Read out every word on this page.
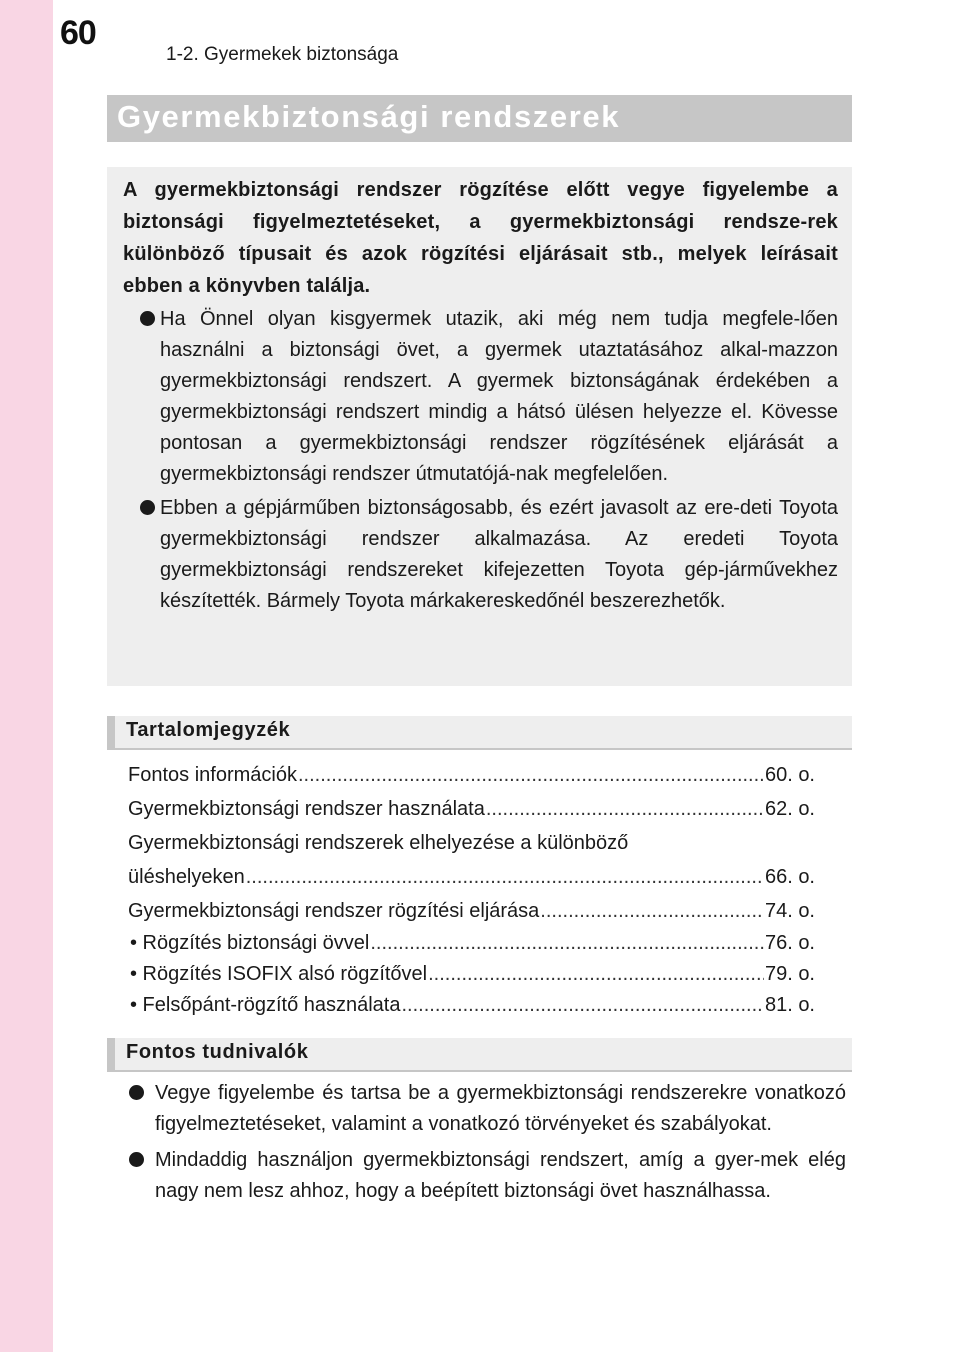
60
1-2. Gyermekek biztonsága
Gyermekbiztonsági rendszerek

A gyermekbiztonsági rendszer rögzítése előtt vegye figyelembe a biztonsági figyelmeztetéseket, a gyermekbiztonsági rendsze-rek különböző típusait és azok rögzítési eljárásait stb., melyek leírásait ebben a könyvben találja.

Ha Önnel olyan kisgyermek utazik, aki még nem tudja megfele-lően használni a biztonsági övet, a gyermek utaztatásához alkal-mazzon gyermekbiztonsági rendszert. A gyermek biztonságának érdekében a gyermekbiztonsági rendszert mindig a hátsó ülésen helyezze el. Kövesse pontosan a gyermekbiztonsági rendszer rögzítésének eljárását a gyermekbiztonsági rendszer útmutatójá-nak megfelelően.
Ebben a gépjárműben biztonságosabb, és ezért javasolt az ere-deti Toyota gyermekbiztonsági rendszer alkalmazása. Az eredeti Toyota gyermekbiztonsági rendszereket kifejezetten Toyota gép-járművekhez készítették. Bármely Toyota márkakereskedőnél beszerezhetők.
Tartalomjegyzék
Fontos információk .....	60. o.
Gyermekbiztonsági rendszer használata .....	62. o.
Gyermekbiztonsági rendszerek elhelyezése a különböző
üléshelyeken .....	66. o.
Gyermekbiztonsági rendszer rögzítési eljárása .....	74. o.
• Rögzítés biztonsági övvel .....	76. o.
• Rögzítés ISOFIX alsó rögzítővel .....	79. o.
• Felsőpánt-rögzítő használata .....	81. o.
Fontos tudnivalók
Vegye figyelembe és tartsa be a gyermekbiztonsági rendszerekre vonatkozó figyelmeztetéseket, valamint a vonatkozó törvényeket és szabályokat.
Mindaddig használjon gyermekbiztonsági rendszert, amíg a gyer-mek elég nagy nem lesz ahhoz, hogy a beépített biztonsági övet használhassa.
